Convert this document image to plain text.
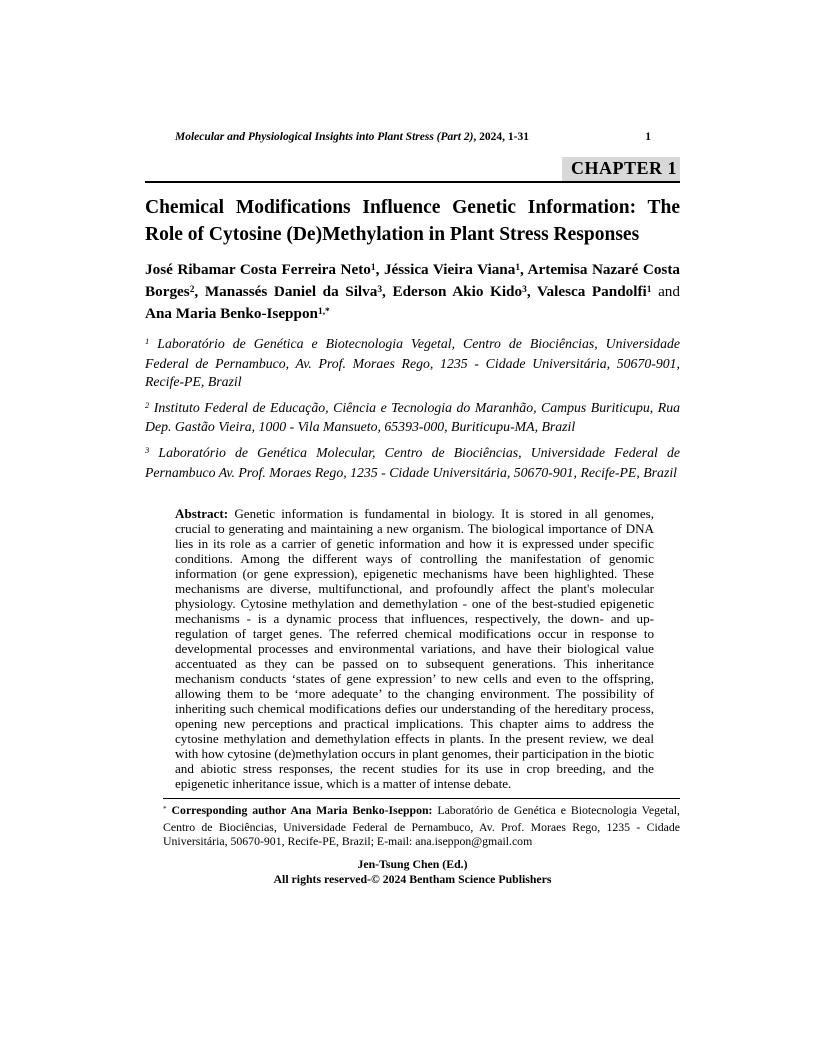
Molecular and Physiological Insights into Plant Stress (Part 2), 2024, 1-31	1
CHAPTER 1
Chemical Modifications Influence Genetic Information: The Role of Cytosine (De)Methylation in Plant Stress Responses

José Ribamar Costa Ferreira Neto$^1$, Jéssica Vieira Viana$^1$, Artemisa Nazaré Costa Borges$^2$, Manassés Daniel da Silva$^3$, Ederson Akio Kido$^3$, Valesca Pandolfi$^1$ and Ana Maria Benko-Iseppon$^{1,*}$

$^1$ Laboratório de Genética e Biotecnologia Vegetal, Centro de Biociências, Universidade Federal de Pernambuco, Av. Prof. Moraes Rego, 1235 - Cidade Universitária, 50670-901, Recife-PE, Brazil

$^2$ Instituto Federal de Educação, Ciência e Tecnologia do Maranhão, Campus Buriticupu, Rua Dep. Gastão Vieira, 1000 - Vila Mansueto, 65393-000, Buriticupu-MA, Brazil

$^3$ Laboratório de Genética Molecular, Centro de Biociências, Universidade Federal de Pernambuco Av. Prof. Moraes Rego, 1235 - Cidade Universitária, 50670-901, Recife-PE, Brazil

Abstract: Genetic information is fundamental in biology. It is stored in all genomes, crucial to generating and maintaining a new organism. The biological importance of DNA lies in its role as a carrier of genetic information and how it is expressed under specific conditions. Among the different ways of controlling the manifestation of genomic information (or gene expression), epigenetic mechanisms have been highlighted. These mechanisms are diverse, multifunctional, and profoundly affect the plant's molecular physiology. Cytosine methylation and demethylation - one of the best-studied epigenetic mechanisms - is a dynamic process that influences, respectively, the down- and up-regulation of target genes. The referred chemical modifications occur in response to developmental processes and environmental variations, and have their biological value accentuated as they can be passed on to subsequent generations. This inheritance mechanism conducts ‘states of gene expression’ to new cells and even to the offspring, allowing them to be ‘more adequate’ to the changing environment. The possibility of inheriting such chemical modifications defies our understanding of the hereditary process, opening new perceptions and practical implications. This chapter aims to address the cytosine methylation and demethylation effects in plants. In the present review, we deal with how cytosine (de)methylation occurs in plant genomes, their participation in the biotic and abiotic stress responses, the recent studies for its use in crop breeding, and the epigenetic inheritance issue, which is a matter of intense debate.
* Corresponding author Ana Maria Benko-Iseppon: Laboratório de Genética e Biotecnologia Vegetal, Centro de Biociências, Universidade Federal de Pernambuco, Av. Prof. Moraes Rego, 1235 - Cidade Universitária, 50670-901, Recife-PE, Brazil; E-mail: ana.iseppon@gmail.com
Jen-Tsung Chen (Ed.)
All rights reserved-© 2024 Bentham Science Publishers
